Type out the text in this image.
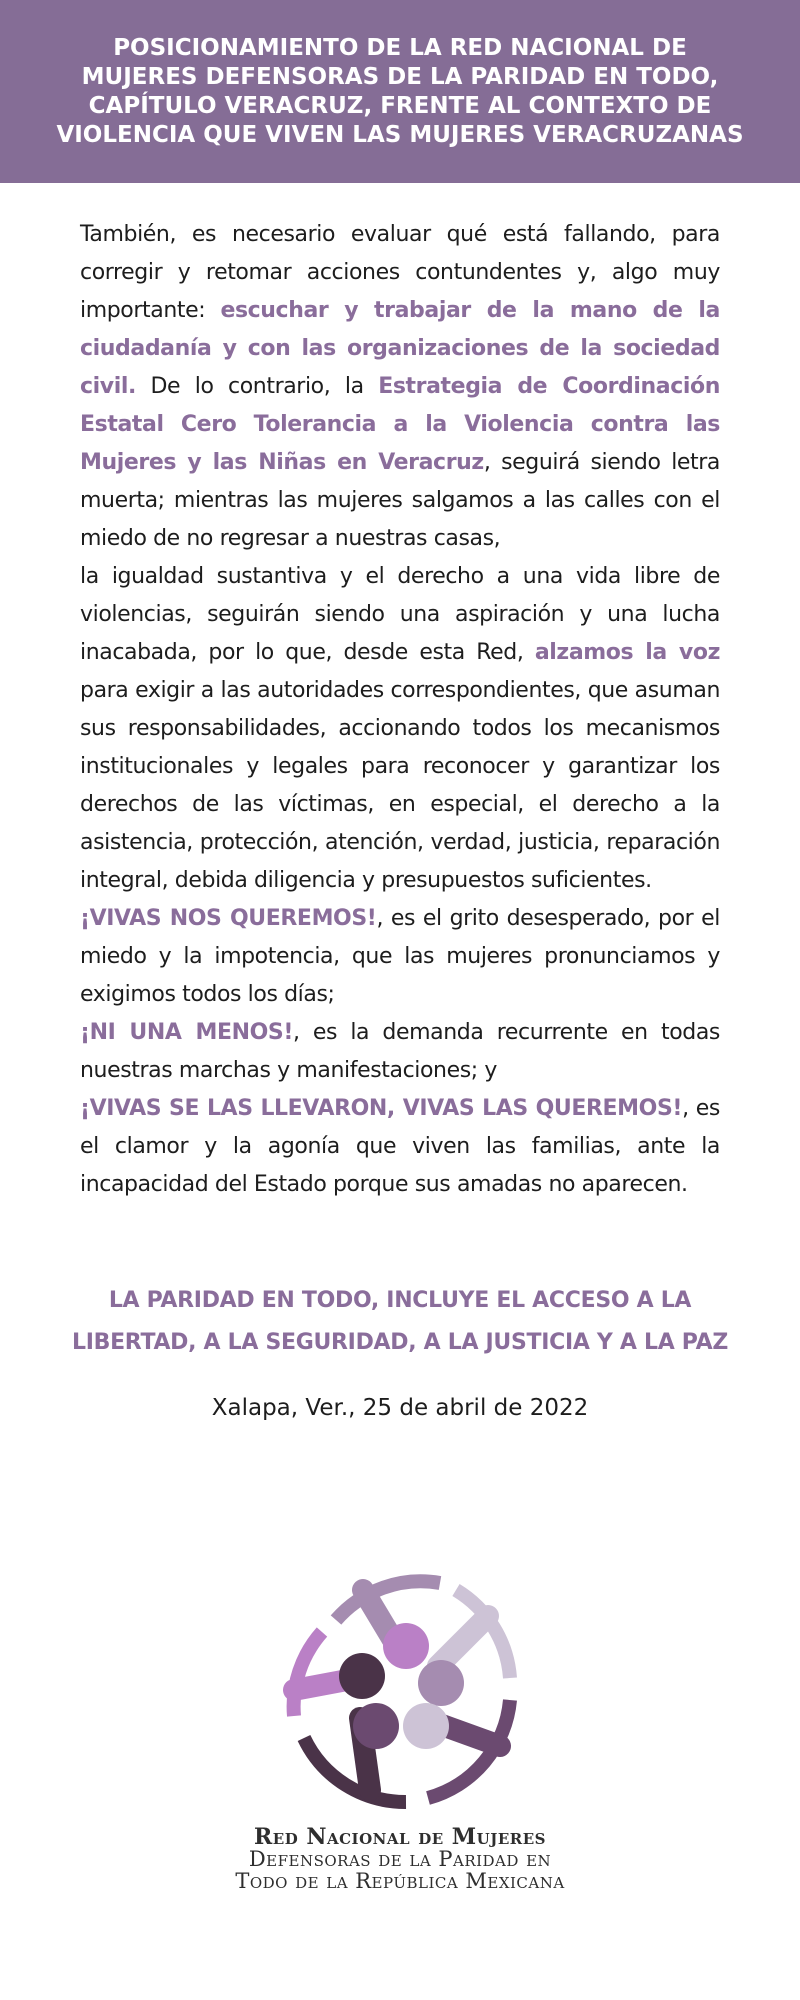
POSICIONAMIENTO DE LA RED NACIONAL DE
MUJERES DEFENSORAS DE LA PARIDAD EN TODO,
CAPÍTULO VERACRUZ, FRENTE AL CONTEXTO DE
VIOLENCIA QUE VIVEN LAS MUJERES VERACRUZANAS

También, es necesario evaluar qué está fallando, para corregir y retomar acciones contundentes y, algo muy importante: escuchar y trabajar de la mano de la ciudadanía y con las organizaciones de la sociedad civil. De lo contrario, la Estrategia de Coordinación Estatal Cero Tolerancia a la Violencia contra las Mujeres y las Niñas en Veracruz, seguirá siendo letra muerta; mientras las mujeres salgamos a las calles con el miedo de no regresar a nuestras casas,

la igualdad sustantiva y el derecho a una vida libre de violencias, seguirán siendo una aspiración y una lucha inacabada, por lo que, desde esta Red, alzamos la voz para exigir a las autoridades correspondientes, que asuman sus responsabilidades, accionando todos los mecanismos institucionales y legales para reconocer y garantizar los derechos de las víctimas, en especial, el derecho a la asistencia, protección, atención, verdad, justicia, reparación integral, debida diligencia y presupuestos suficientes.

¡VIVAS NOS QUEREMOS!, es el grito desesperado, por el miedo y la impotencia, que las mujeres pronunciamos y exigimos todos los días;

¡NI UNA MENOS!, es la demanda recurrente en todas nuestras marchas y manifestaciones; y

¡VIVAS SE LAS LLEVARON, VIVAS LAS QUEREMOS!, es el clamor y la agonía que viven las familias, ante la incapacidad del Estado porque sus amadas no aparecen.

LA PARIDAD EN TODO, INCLUYE EL ACCESO A LA
LIBERTAD, A LA SEGURIDAD, A LA JUSTICIA Y A LA PAZ
Xalapa, Ver., 25 de abril de 2022
Red Nacional de Mujeres
Defensoras de la Paridad en
Todo de la República Mexicana
